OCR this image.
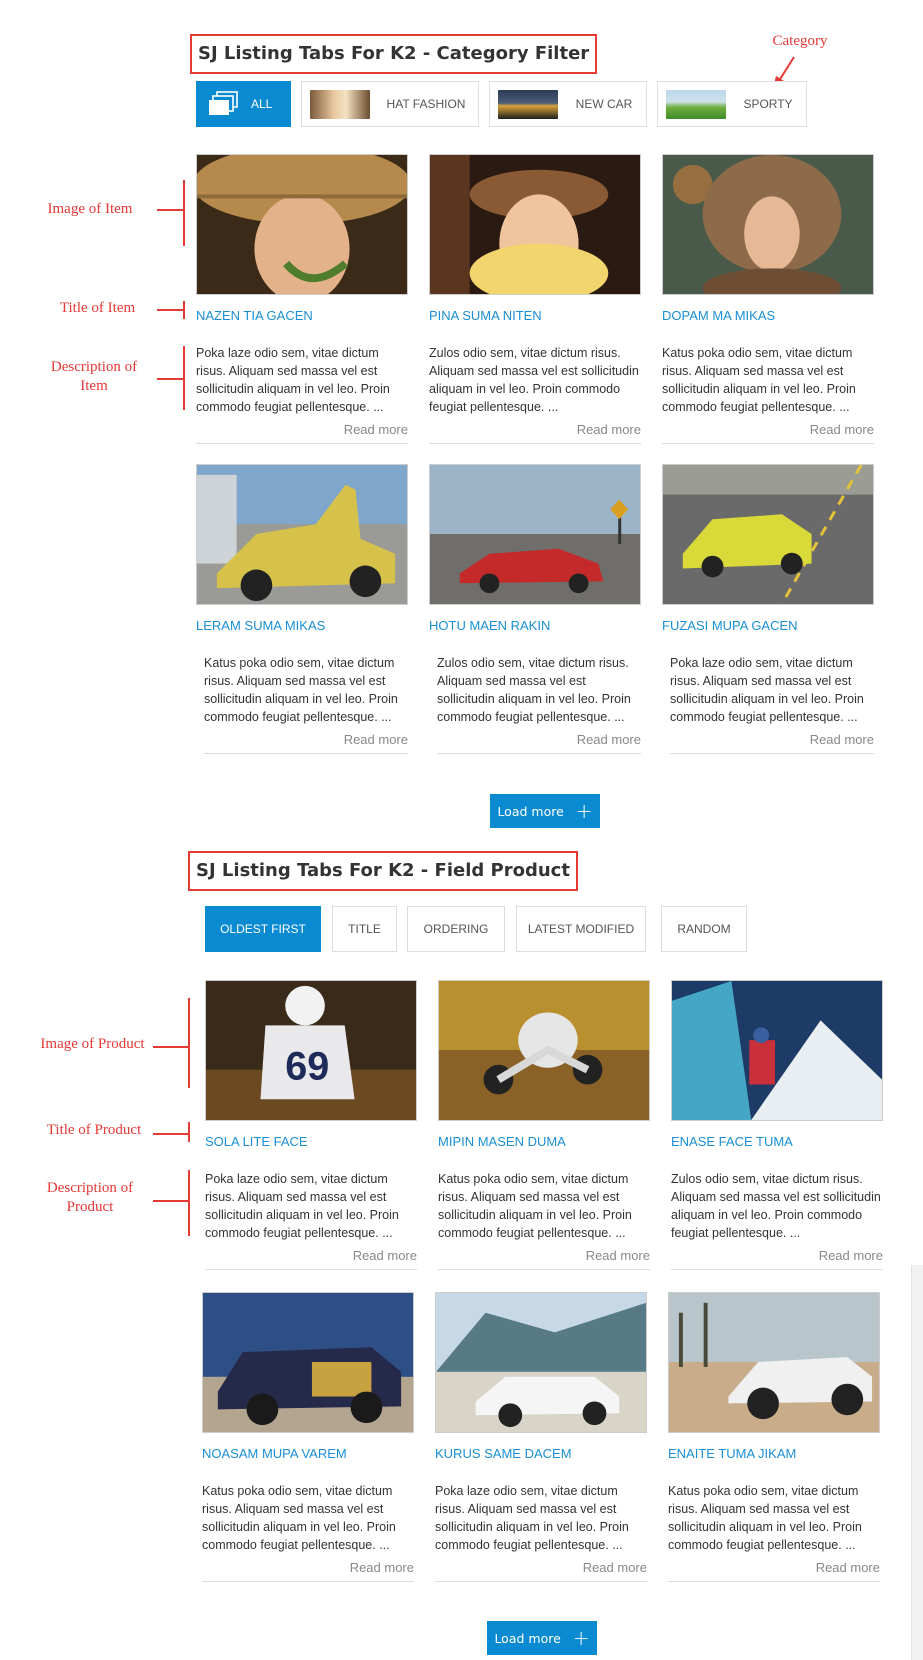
SJ Listing Tabs For K2 - Category Filter
Category
ALL	HAT FASHION	NEW CAR	SPORTY
Image of Item
Title of Item
Description of
Item
NAZEN TIA GACEN
Poka laze odio sem, vitae dictum risus. Aliquam sed massa vel est sollicitudin aliquam in vel leo. Proin commodo feugiat pellentesque. ...
Read more
PINA SUMA NITEN
Zulos odio sem, vitae dictum risus. Aliquam sed massa vel est sollicitudin aliquam in vel leo. Proin commodo feugiat pellentesque. ...
Read more
DOPAM MA MIKAS
Katus poka odio sem, vitae dictum risus. Aliquam sed massa vel est sollicitudin aliquam in vel leo. Proin commodo feugiat pellentesque. ...
Read more
LERAM SUMA MIKAS
Katus poka odio sem, vitae dictum risus. Aliquam sed massa vel est sollicitudin aliquam in vel leo. Proin commodo feugiat pellentesque. ...
Read more
HOTU MAEN RAKIN
Zulos odio sem, vitae dictum risus. Aliquam sed massa vel est sollicitudin aliquam in vel leo. Proin commodo feugiat pellentesque. ...
Read more
FUZASI MUPA GACEN
Poka laze odio sem, vitae dictum risus. Aliquam sed massa vel est sollicitudin aliquam in vel leo. Proin commodo feugiat pellentesque. ...
Read more
Load more +
SJ Listing Tabs For K2 - Field Product
OLDEST FIRST	TITLE	ORDERING	LATEST MODIFIED	RANDOM
Image of Product
Title of Product
Description of
Product
69
SOLA LITE FACE
Poka laze odio sem, vitae dictum risus. Aliquam sed massa vel est sollicitudin aliquam in vel leo. Proin commodo feugiat pellentesque. ...
Read more
MIPIN MASEN DUMA
Katus poka odio sem, vitae dictum risus. Aliquam sed massa vel est sollicitudin aliquam in vel leo. Proin commodo feugiat pellentesque. ...
Read more
ENASE FACE TUMA
Zulos odio sem, vitae dictum risus. Aliquam sed massa vel est sollicitudin aliquam in vel leo. Proin commodo feugiat pellentesque. ...
Read more
NOASAM MUPA VAREM
Katus poka odio sem, vitae dictum risus. Aliquam sed massa vel est sollicitudin aliquam in vel leo. Proin commodo feugiat pellentesque. ...
Read more
KURUS SAME DACEM
Poka laze odio sem, vitae dictum risus. Aliquam sed massa vel est sollicitudin aliquam in vel leo. Proin commodo feugiat pellentesque. ...
Read more
ENAITE TUMA JIKAM
Katus poka odio sem, vitae dictum risus. Aliquam sed massa vel est sollicitudin aliquam in vel leo. Proin commodo feugiat pellentesque. ...
Read more
Load more +
